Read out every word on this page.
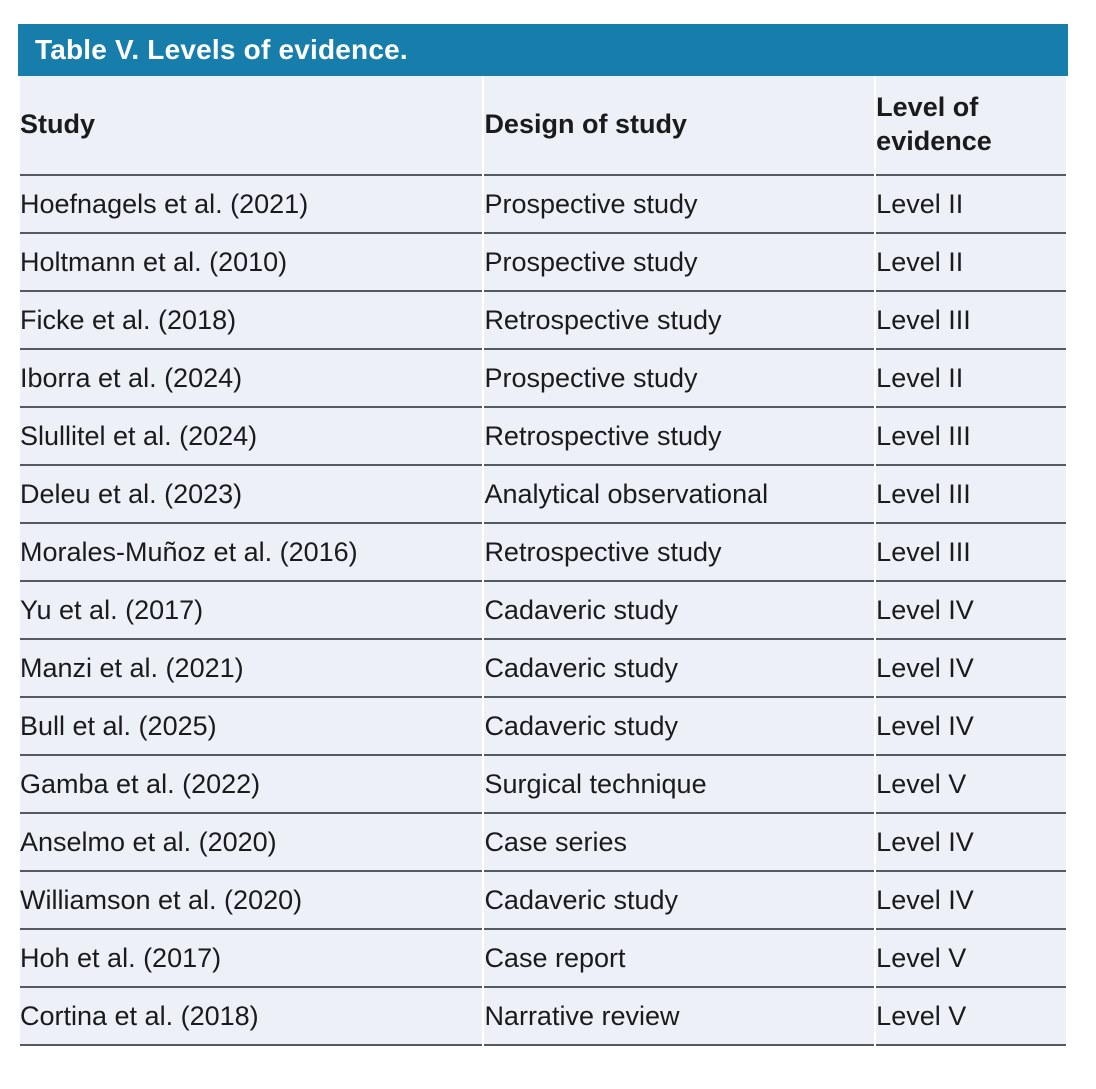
Table V. Levels of evidence.
Study	Design of study	Level of evidence
Hoefnagels et al. (2021)	Prospective study	Level II
Holtmann et al. (2010)	Prospective study	Level II
Ficke et al. (2018)	Retrospective study	Level III
Iborra et al. (2024)	Prospective study	Level II
Slullitel et al. (2024)	Retrospective study	Level III
Deleu et al. (2023)	Analytical observational	Level III
Morales-Muñoz et al. (2016)	Retrospective study	Level III
Yu et al. (2017)	Cadaveric study	Level IV
Manzi et al. (2021)	Cadaveric study	Level IV
Bull et al. (2025)	Cadaveric study	Level IV
Gamba et al. (2022)	Surgical technique	Level V
Anselmo et al. (2020)	Case series	Level IV
Williamson et al. (2020)	Cadaveric study	Level IV
Hoh et al. (2017)	Case report	Level V
Cortina et al. (2018)	Narrative review	Level V
